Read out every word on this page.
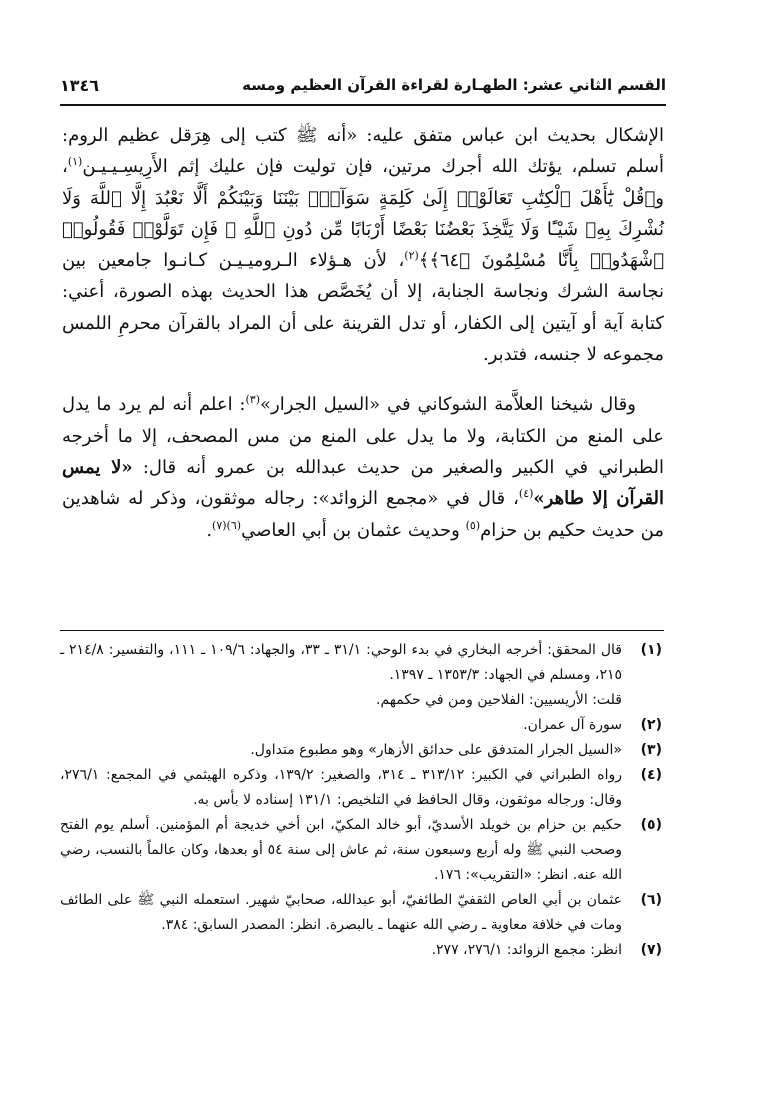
القسم الثاني عشر: الطهـارة لقراءة القرآن العظيم ومسه
١٣٤٦

الإشكال بحديث ابن عباس متفق عليه: «أنه ﷺ كتب إلى هِرَقل عظيم الروم: أسلم تسلم، يؤتك الله أجرك مرتين، فإن توليت فإن عليك إثم الأَرِيسِـيـيـن$^{(١)}$، و﴿قُلْ يَٰٓأَهْلَ ٱلْكِتَٰبِ تَعَالَوْا۟ إِلَىٰ كَلِمَةٍ سَوَآءٍۭ بَيْنَنَا وَبَيْنَكُمْ أَلَّا نَعْبُدَ إِلَّا ٱللَّهَ وَلَا نُشْرِكَ بِهِۦ شَيْـًٔا وَلَا يَتَّخِذَ بَعْضُنَا بَعْضًا أَرْبَابًا مِّن دُونِ ٱللَّهِ ۚ فَإِن تَوَلَّوْا۟ فَقُولُوا۟ ٱشْهَدُوا۟ بِأَنَّا مُسْلِمُونَ ﴿٦٤﴾﴾$^{(٢)}$، لأن هـؤلاء الـروميـيـن كـانـوا جامعين بين نجاسة الشرك ونجاسة الجنابة، إلا أن يُخَصَّص هذا الحديث بهذه الصورة، أعني: كتابة آية أو آيتين إلى الكفار، أو تدل القرينة على أن المراد بالقرآن محرمِ اللمس مجموعه لا جنسه، فتدبر.

وقال شيخنا العلاَّمة الشوكاني في «السيل الجرار»$^{(٣)}$: اعلم أنه لم يرد ما يدل على المنع من الكتابة، ولا ما يدل على المنع من مس المصحف، إلا ما أخرجه الطبراني في الكبير والصغير من حديث عبدالله بن عمرو أنه قال: «لا يمس القرآن إلا طاهر»$^{(٤)}$، قال في «مجمع الزوائد»: رجاله موثقون، وذكر له شاهدين من حديث حكيم بن حزام$^{(٥)}$ وحديث عثمان بن أبي العاصي$^{(٦)(٧)}$.

(١)
قال المحقق: أخرجه البخاري في بدء الوحي: ٣١/١ ـ ٣٣، والجهاد: ١٠٩/٦ ـ ١١١، والتفسير: ٢١٤/٨ ـ ٢١٥، ومسلم في الجهاد: ١٣٥٣/٣ ـ ١٣٩٧.
قلت: الأريسيين: الفلاحين ومن في حكمهم.
(٢)
سورة آل عمران.
(٣)
«السيل الجرار المتدفق على حدائق الأزهار» وهو مطبوع متداول.
(٤)
رواه الطبراني في الكبير: ٣١٣/١٢ ـ ٣١٤، والصغير: ١٣٩/٢، وذكره الهيثمي في المجمع: ٢٧٦/١، وقال: ورجاله موثقون، وقال الحافظ في التلخيص: ١٣١/١ إسناده لا بأس به.
(٥)
حكيم بن حزام بن خويلد الأسديّ، أبو خالد المكيّ، ابن أخي خديجة أم المؤمنين. أسلم يوم الفتح وصحب النبي ﷺ وله أربع وسبعون سنة، ثم عاش إلى سنة ٥٤ أو بعدها، وكان عالماً بالنسب، رضي الله عنه. انظر: «التقريب»: ١٧٦.
(٦)
عثمان بن أبي العاص الثقفيّ الطائفيّ، أبو عبدالله، صحابيّ شهير. استعمله النبي ﷺ على الطائف ومات في خلافة معاوية ـ رضي الله عنهما ـ بالبصرة. انظر: المصدر السابق: ٣٨٤.
(٧)
انظر: مجمع الزوائد: ٢٧٦/١، ٢٧٧.
